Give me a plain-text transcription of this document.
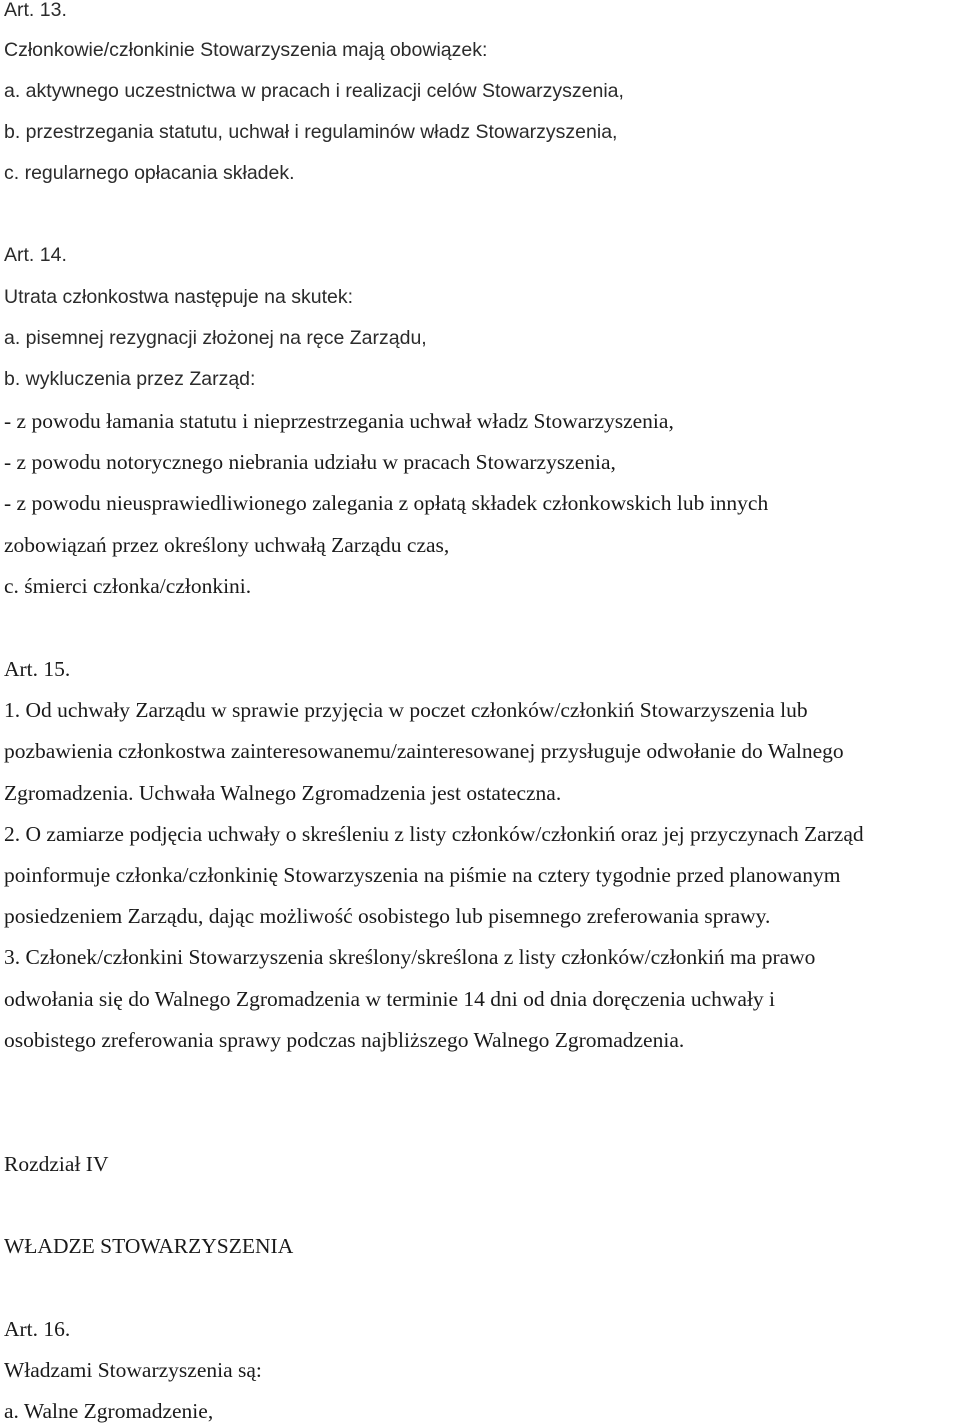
Art. 13.
Członkowie/członkinie Stowarzyszenia mają obowiązek:
a. aktywnego uczestnictwa w pracach i realizacji celów Stowarzyszenia,
b. przestrzegania statutu, uchwał i regulaminów władz Stowarzyszenia,
c. regularnego opłacania składek.
Art. 14.
Utrata członkostwa następuje na skutek:
a. pisemnej rezygnacji złożonej na ręce Zarządu,
b. wykluczenia przez Zarząd:
- z powodu łamania statutu i nieprzestrzegania uchwał władz Stowarzyszenia,
- z powodu notorycznego niebrania udziału w pracach Stowarzyszenia,
- z powodu nieusprawiedliwionego zalegania z opłatą składek członkowskich lub innych
zobowiązań przez określony uchwałą Zarządu czas,
c. śmierci członka/członkini.
Art. 15.
1. Od uchwały Zarządu w sprawie przyjęcia w poczet członków/członkiń Stowarzyszenia lub
pozbawienia członkostwa zainteresowanemu/zainteresowanej przysługuje odwołanie do Walnego
Zgromadzenia. Uchwała Walnego Zgromadzenia jest ostateczna.
2. O zamiarze podjęcia uchwały o skreśleniu z listy członków/członkiń oraz jej przyczynach Zarząd
poinformuje członka/członkinię Stowarzyszenia na piśmie na cztery tygodnie przed planowanym
posiedzeniem Zarządu, dając możliwość osobistego lub pisemnego zreferowania sprawy.
3. Członek/członkini Stowarzyszenia skreślony/skreślona z listy członków/członkiń ma prawo
odwołania się do Walnego Zgromadzenia w terminie 14 dni od dnia doręczenia uchwały i
osobistego zreferowania sprawy podczas najbliższego Walnego Zgromadzenia.
Rozdział IV
WŁADZE STOWARZYSZENIA
Art. 16.
Władzami Stowarzyszenia są:
a. Walne Zgromadzenie,
